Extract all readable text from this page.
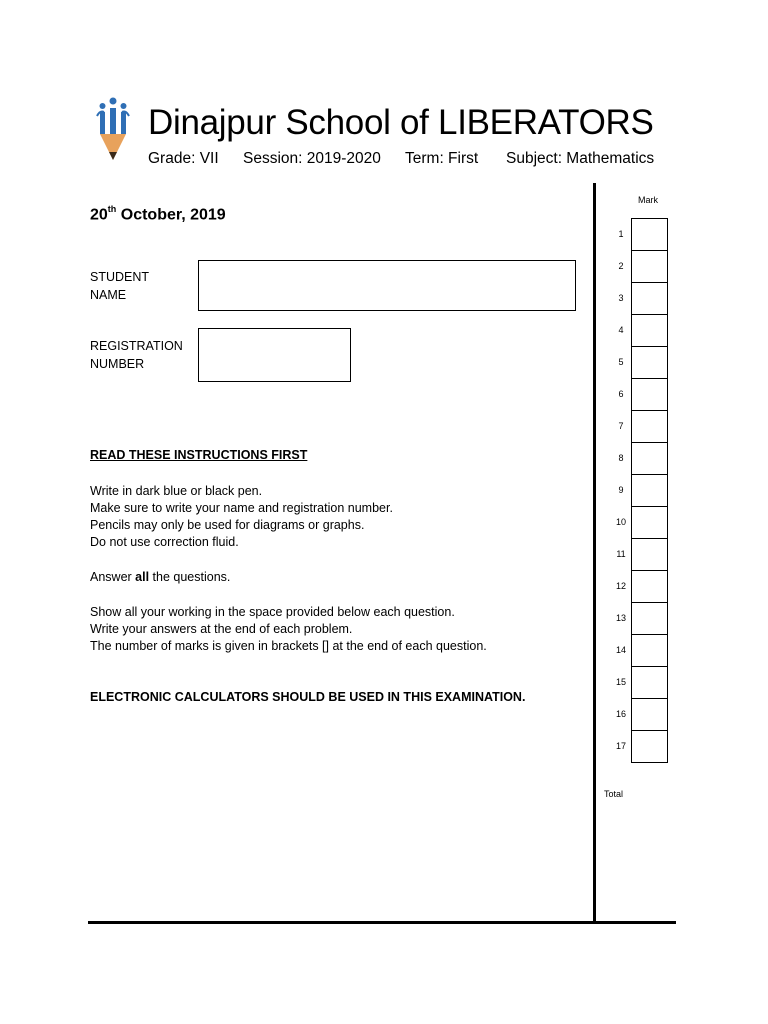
Dinajpur School of LIBERATORS
Grade: VII Session: 2019-2020 Term: First Subject: Mathematics
20th October, 2019
STUDENT
NAME
REGISTRATION
NUMBER
READ THESE INSTRUCTIONS FIRST
Write in dark blue or black pen.
Make sure to write your name and registration number.
Pencils may only be used for diagrams or graphs.
Do not use correction fluid.
Answer all the questions.
Show all your working in the space provided below each question.
Write your answers at the end of each problem.
The number of marks is given in brackets [] at the end of each question.
ELECTRONIC CALCULATORS SHOULD BE USED IN THIS EXAMINATION.
Mark
1
2
3
4
5
6
7
8
9
10
11
12
13
14
15
16
17
Total
